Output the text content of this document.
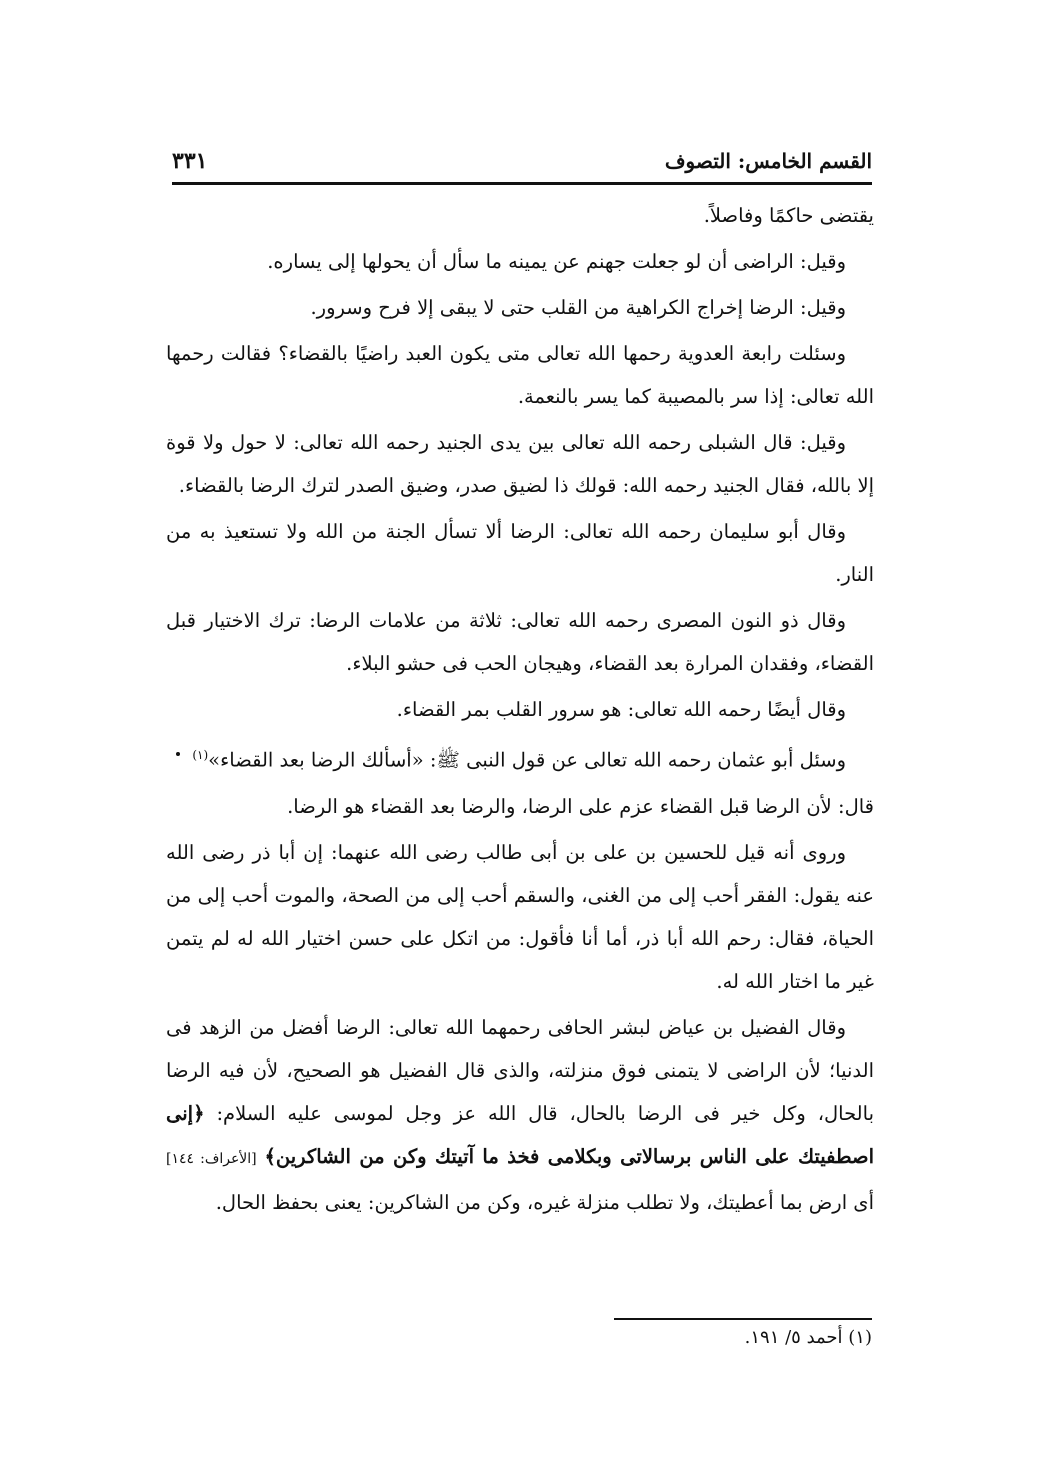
القسم الخامس: التصوف
٣٣١

يقتضى حاكمًا وفاصلاً.

وقيل: الراضى أن لو جعلت جهنم عن يمينه ما سأل أن يحولها إلى يساره.

وقيل: الرضا إخراج الكراهية من القلب حتى لا يبقى إلا فرح وسرور.

وسئلت رابعة العدوية رحمها الله تعالى متى يكون العبد راضيًا بالقضاء؟ فقالت رحمها الله تعالى: إذا سر بالمصيبة كما يسر بالنعمة.

وقيل: قال الشبلى رحمه الله تعالى بين يدى الجنيد رحمه الله تعالى: لا حول ولا قوة إلا بالله، فقال الجنيد رحمه الله: قولك ذا لضيق صدر، وضيق الصدر لترك الرضا بالقضاء.

وقال أبو سليمان رحمه الله تعالى: الرضا ألا تسأل الجنة من الله ولا تستعيذ به من النار.

وقال ذو النون المصرى رحمه الله تعالى: ثلاثة من علامات الرضا: ترك الاختيار قبل القضاء، وفقدان المرارة بعد القضاء، وهيجان الحب فى حشو البلاء.

وقال أيضًا رحمه الله تعالى: هو سرور القلب بمر القضاء.

وسئل أبو عثمان رحمه الله تعالى عن قول النبى ﷺ: «أسألك الرضا بعد القضاء»$^{(١)}$

قال: لأن الرضا قبل القضاء عزم على الرضا، والرضا بعد القضاء هو الرضا.

وروى أنه قيل للحسين بن على بن أبى طالب رضى الله عنهما: إن أبا ذر رضى الله عنه يقول: الفقر أحب إلى من الغنى، والسقم أحب إلى من الصحة، والموت أحب إلى من الحياة، فقال: رحم الله أبا ذر، أما أنا فأقول: من اتكل على حسن اختيار الله له لم يتمن غير ما اختار الله له.

وقال الفضيل بن عياض لبشر الحافى رحمهما الله تعالى: الرضا أفضل من الزهد فى الدنيا؛ لأن الراضى لا يتمنى فوق منزلته، والذى قال الفضيل هو الصحيح، لأن فيه الرضا بالحال، وكل خير فى الرضا بالحال، قال الله عز وجل لموسى عليه السلام: ﴿إنى اصطفيتك على الناس برسالاتى وبكلامى فخذ ما آتيتك وكن من الشاكرين﴾ [الأعراف: ١٤٤] أى ارض بما أعطيتك، ولا تطلب منزلة غيره، وكن من الشاكرين: يعنى بحفظ الحال.

(١) أحمد ٥/ ١٩١.
